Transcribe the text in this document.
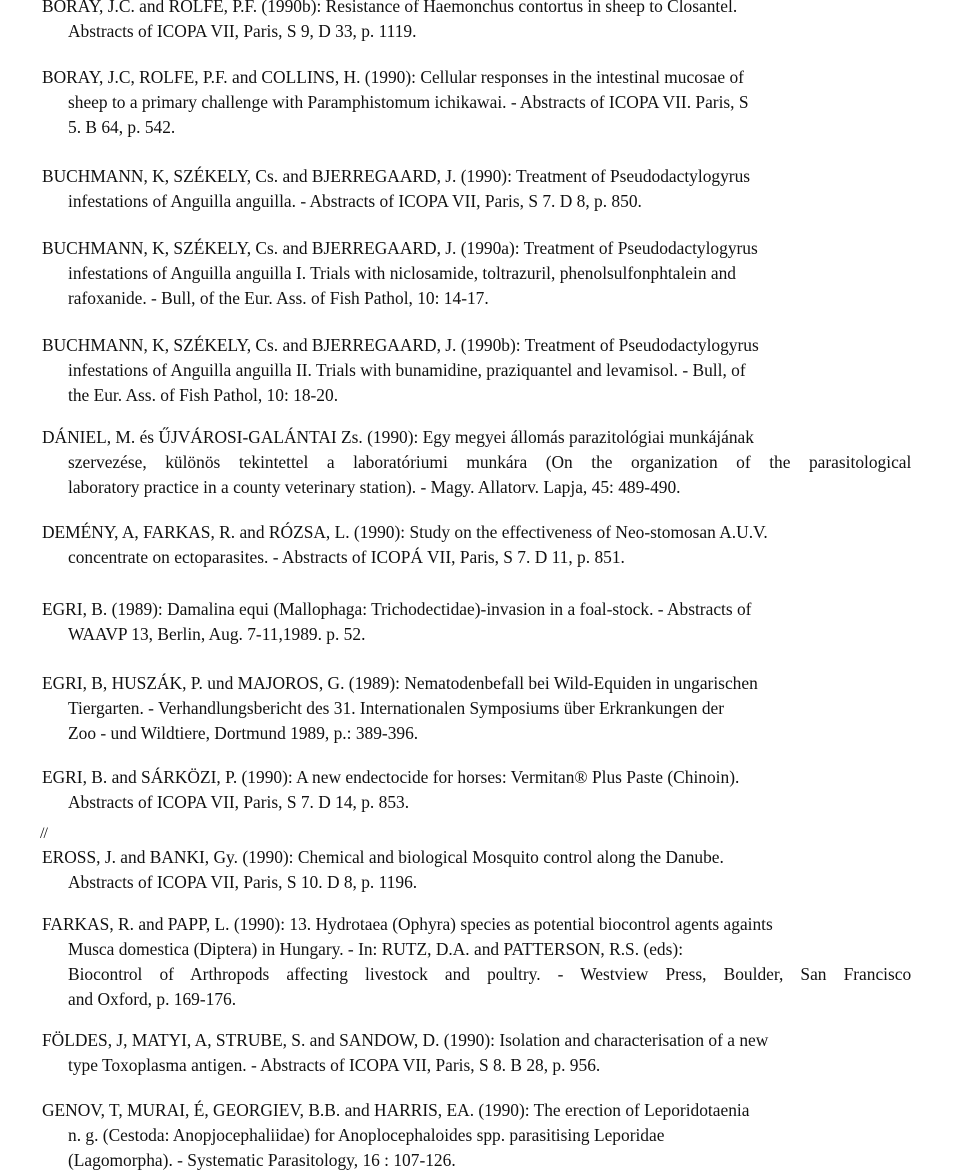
BORAY, J.C. and ROLFE, P.F. (1990b): Resistance of Haemonchus contortus in sheep to Closantel.
Abstracts of ICOPA VII, Paris, S 9, D 33, p. 1119.
BORAY, J.C, ROLFE, P.F. and COLLINS, H. (1990): Cellular responses in the intestinal mucosae of
sheep to a primary challenge with Paramphistomum ichikawai. - Abstracts of ICOPA VII. Paris, S
5. B 64, p. 542.
BUCHMANN, K, SZÉKELY, Cs. and BJERREGAARD, J. (1990): Treatment of Pseudodactylogyrus
infestations of Anguilla anguilla. - Abstracts of ICOPA VII, Paris, S 7. D 8, p. 850.
BUCHMANN, K, SZÉKELY, Cs. and BJERREGAARD, J. (1990a): Treatment of Pseudodactylogyrus
infestations of Anguilla anguilla I. Trials with niclosamide, toltrazuril, phenolsulfonphtalein and
rafoxanide. - Bull, of the Eur. Ass. of Fish Pathol, 10: 14-17.
BUCHMANN, K, SZÉKELY, Cs. and BJERREGAARD, J. (1990b): Treatment of Pseudodactylogyrus
infestations of Anguilla anguilla II. Trials with bunamidine, praziquantel and levamisol. - Bull, of
the Eur. Ass. of Fish Pathol, 10: 18-20.
DÁNIEL, M. és ŰJVÁROSI-GALÁNTAI Zs. (1990): Egy megyei állomás parazitológiai munkájának
szervezése, különös tekintettel a laboratóriumi munkára (On the organization of the parasitological
laboratory practice in a county veterinary station). - Magy. Allatorv. Lapja, 45: 489-490.
DEMÉNY, A, FARKAS, R. and RÓZSA, L. (1990): Study on the effectiveness of Neo-stomosan A.U.V.
concentrate on ectoparasites. - Abstracts of ICOPÁ VII, Paris, S 7. D 11, p. 851.
EGRI, B. (1989): Damalina equi (Mallophaga: Trichodectidae)-invasion in a foal-stock. - Abstracts of
WAAVP 13, Berlin, Aug. 7-11,1989. p. 52.
EGRI, B, HUSZÁK, P. und MAJOROS, G. (1989): Nematodenbefall bei Wild-Equiden in ungarischen
Tiergarten. - Verhandlungsbericht des 31. Internationalen Symposiums über Erkrankungen der
Zoo - und Wildtiere, Dortmund 1989, p.: 389-396.
EGRI, B. and SÁRKÖZI, P. (1990): A new endectocide for horses: Vermitan® Plus Paste (Chinoin).
Abstracts of ICOPA VII, Paris, S 7. D 14, p. 853.
//
EROSS, J. and BANKI, Gy. (1990): Chemical and biological Mosquito control along the Danube.
Abstracts of ICOPA VII, Paris, S 10. D 8, p. 1196.
FARKAS, R. and PAPP, L. (1990): 13. Hydrotaea (Ophyra) species as potential biocontrol agents againts
Musca domestica (Diptera) in Hungary. - In: RUTZ, D.A. and PATTERSON, R.S. (eds):
Biocontrol of Arthropods affecting livestock and poultry. - Westview Press, Boulder, San Francisco
and Oxford, p. 169-176.
FÖLDES, J, MATYI, A, STRUBE, S. and SANDOW, D. (1990): Isolation and characterisation of a new
type Toxoplasma antigen. - Abstracts of ICOPA VII, Paris, S 8. B 28, p. 956.
GENOV, T, MURAI, É, GEORGIEV, B.B. and HARRIS, EA. (1990): The erection of Leporidotaenia
n. g. (Cestoda: Anopjocephaliidae) for Anoplocephaloides spp. parasitising Leporidae
(Lagomorpha). - Systematic Parasitology, 16 : 107-126.
